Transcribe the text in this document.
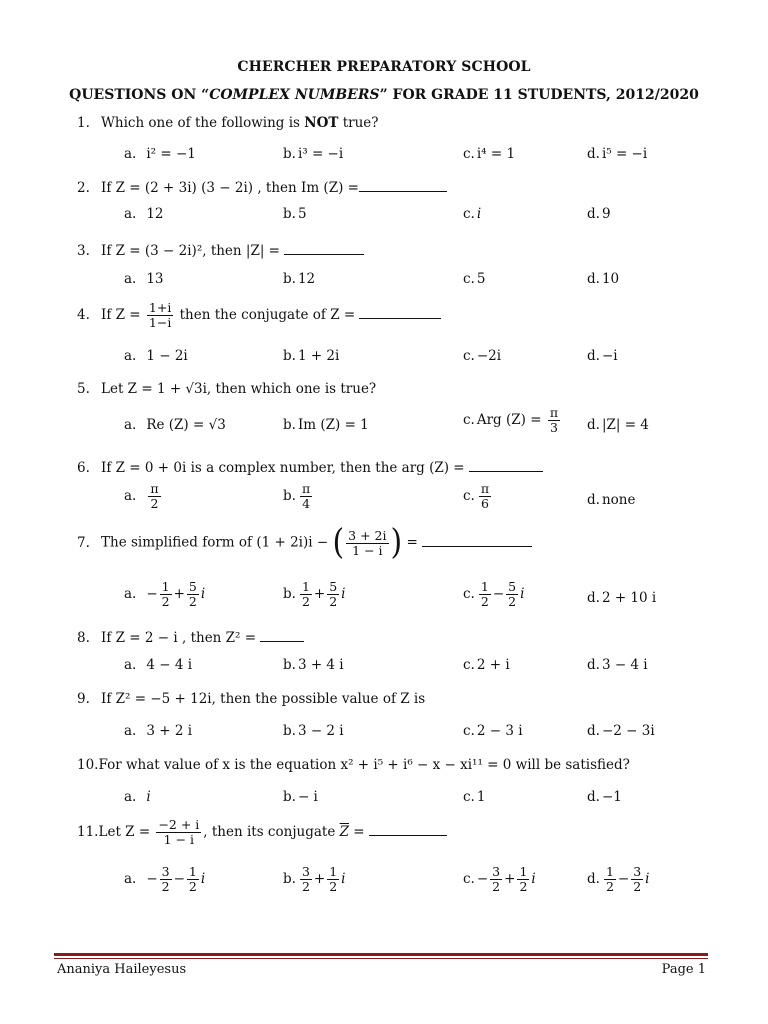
CHERCHER PREPARATORY SCHOOL
QUESTIONS ON “COMPLEX NUMBERS” FOR GRADE 11 STUDENTS, 2012/2020
1. Which one of the following is NOT true?
a. i² = −1	b. i³ = −i	c. i⁴ = 1	d. i⁵ = −i
2. If Z = (2 + 3i) (3 − 2i) , then Im (Z) =
a. 12	b. 5	c. i	d. 9
3. If Z = (3 − 2i)², then |Z| =
a. 13	b. 12	c. 5	d. 10
4. If $Z = \frac{1+i}{1-i}$ then the conjugate of Z =
a. 1 − 2i	b. 1 + 2i	c. −2i	d. −i
5. Let Z = 1 + √3i, then which one is true?
a. Re (Z) = √3	b. Im (Z) = 1	c. Arg $(Z) = \frac{\pi}{3} d$. |Z| = 4
6. If Z = 0 + 0i is a complex number, then the arg (Z) =
a. $\frac{\pi}{2}$	b. $\frac{\pi}{4}$	c. $\frac{\pi}{6}$	d. none
7. The simplified form of (1 + 2i)i − ( $\frac{3 + 2i}{1 - i}$ ) =
a. − $\frac{1}{2} + \frac{5}{2}$ i	b. $\frac{1}{2} + \frac{5}{2}$ i	c. $\frac{1}{2} - \frac{5}{2}$ i	d. 2 + 10 i
8. If Z = 2 − i , then Z² =
a. 4 − 4 i	b. 3 + 4 i	c. 2 + i	d. 3 − 4 i
9. If Z² = −5 + 12i, then the possible value of Z is
a. 3 + 2 i	b. 3 − 2 i	c. 2 − 3 i	d. −2 − 3i
10.For what value of x is the equation x² + i⁵ + i⁶ − x − xi¹¹ = 0 will be satisfied?
a. i	b. − i	c. 1	d. −1
11.Let $Z = \frac{-2 + i}{1 - i}$ , then its conjugate $\overline{Z}$ =
a. − $\frac{3}{2} - \frac{1}{2}$ i	b. $\frac{3}{2} + \frac{1}{2}$ i	c. − $\frac{3}{2} + \frac{1}{2}$ i	d. $\frac{1}{2} - \frac{3}{2}$ i
Ananiya Haileyesus	Page 1
